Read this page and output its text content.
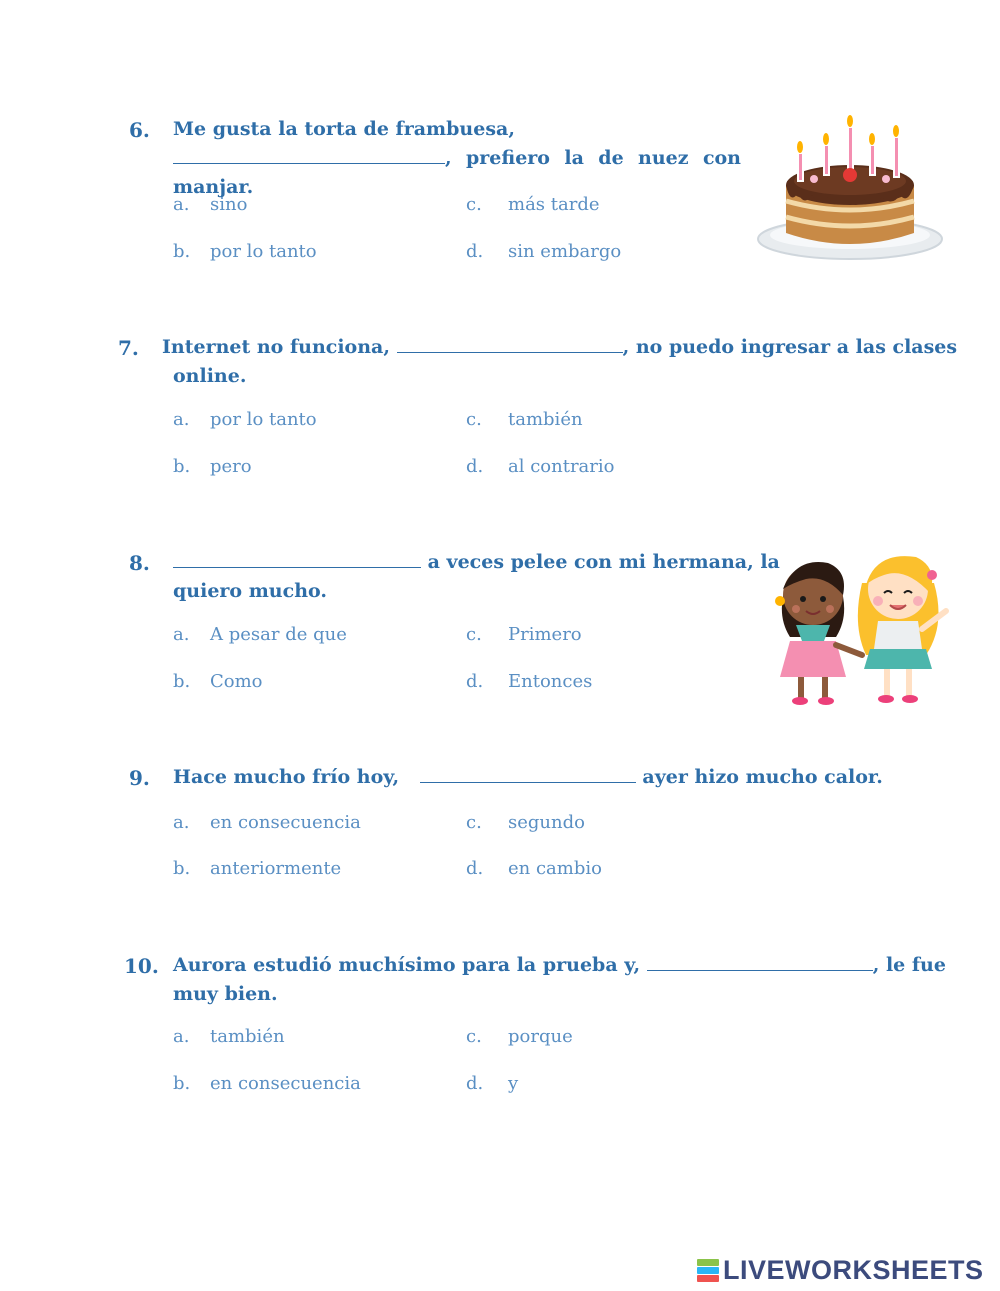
6. Me gusta la torta de frambuesa,
, prefiero la de nuez con manjar.
a. sino
b. por lo tanto
c. más tarde
d. sin embargo
7. Internet no funciona,	, no puedo ingresar a las clases
online.
a. por lo tanto
b. pero
c. también
d. al contrario
8.	a veces pelee con mi hermana, la
quiero mucho.
a. A pesar de que
b. Como
c. Primero
d. Entonces
9. Hace mucho frío hoy,	ayer hizo mucho calor.
a. en consecuencia
b. anteriormente
c. segundo
d. en cambio
10. Aurora estudió muchísimo para la prueba y,	, le fue
muy bien.
a. también
b. en consecuencia
c. porque
d. y
LIVEWORKSHEETS
